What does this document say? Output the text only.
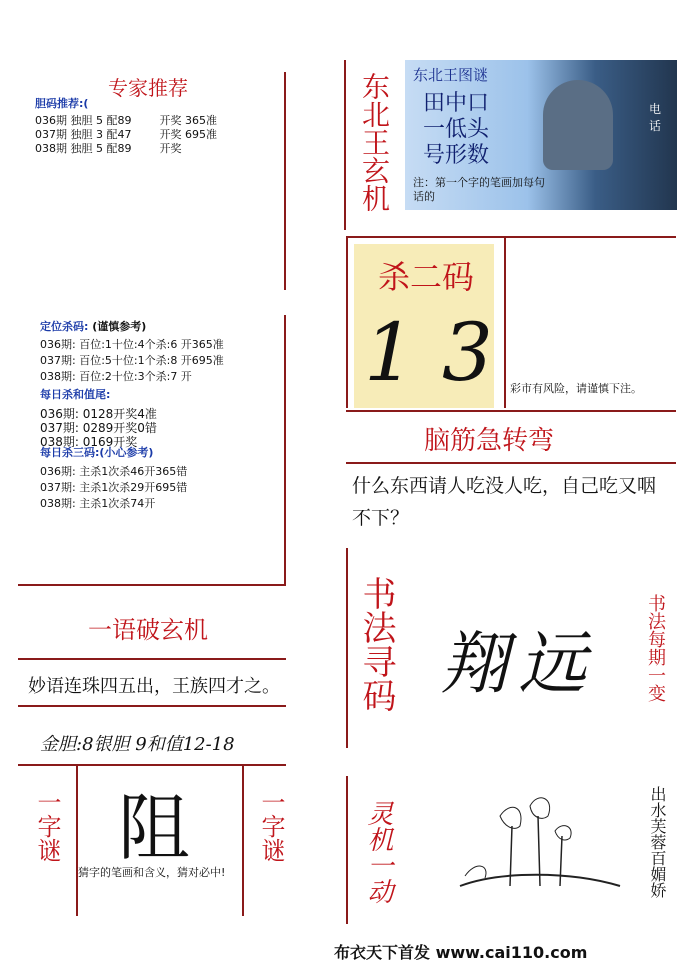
专家推荐
胆码推荐:(
036期 独胆 5 配89        开奖 365准
037期 独胆 3 配47        开奖 695准
038期 独胆 5 配89        开奖
定位杀码: (谨慎参考)
036期: 百位:1十位:4个杀:6 开365准
037期: 百位:5十位:1个杀:8 开695准
038期: 百位:2十位:3个杀:7 开
每日杀和值尾:
036期: 0128开奖4准
037期: 0289开奖0错
038期: 0169开奖
每日杀三码:(小心参考)
036期: 主杀1次杀46开365错
037期: 主杀1次杀29开695错
038期: 主杀1次杀74开
一语破玄机
妙语连珠四五出，王族四才之。
金胆:8银胆 9和值12-18
一字谜 阻
猜字的笔画和含义，猜对必中!
一字谜
东北王玄机 东北王图谜
田中口
一低头
号形数
电话
注：第一个字的笔画加每句话的
杀二码
1 3 彩市有风险，请谨慎下注。
脑筋急转弯
什么东西请人吃没人吃，自己吃又咽不下？
书法寻码 翔远	书法每期一变
灵机一动	出水芙蓉百媚娇
布衣天下首发 www.cai110.com
